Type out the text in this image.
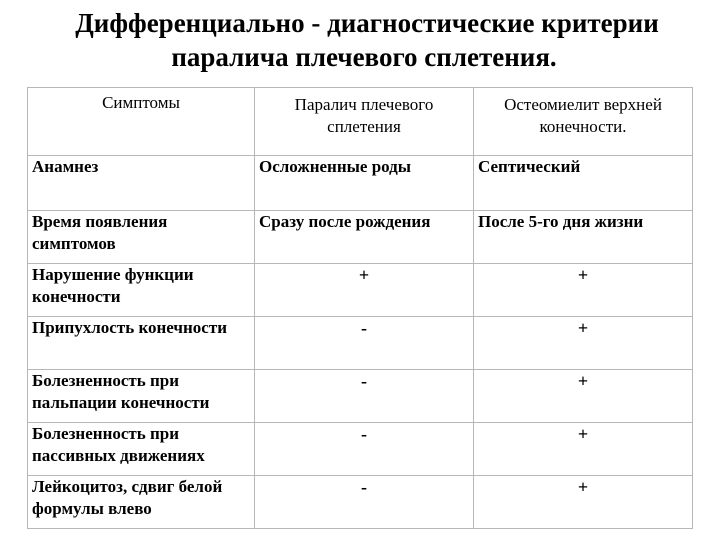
Дифференциально - диагностические критерии
паралича плечевого сплетения.
Симптомы	Паралич плечевого сплетения	Остеомиелит верхней конечности.
Анамнез	Осложненные роды	Септический
Время появления симптомов	Сразу после рождения	После 5-го дня жизни
Нарушение функции конечности	+	+
Припухлость конечности	-	+
Болезненность при пальпации конечности	-	+
Болезненность при пассивных движениях	-	+
Лейкоцитоз, сдвиг белой формулы влево	-	+
